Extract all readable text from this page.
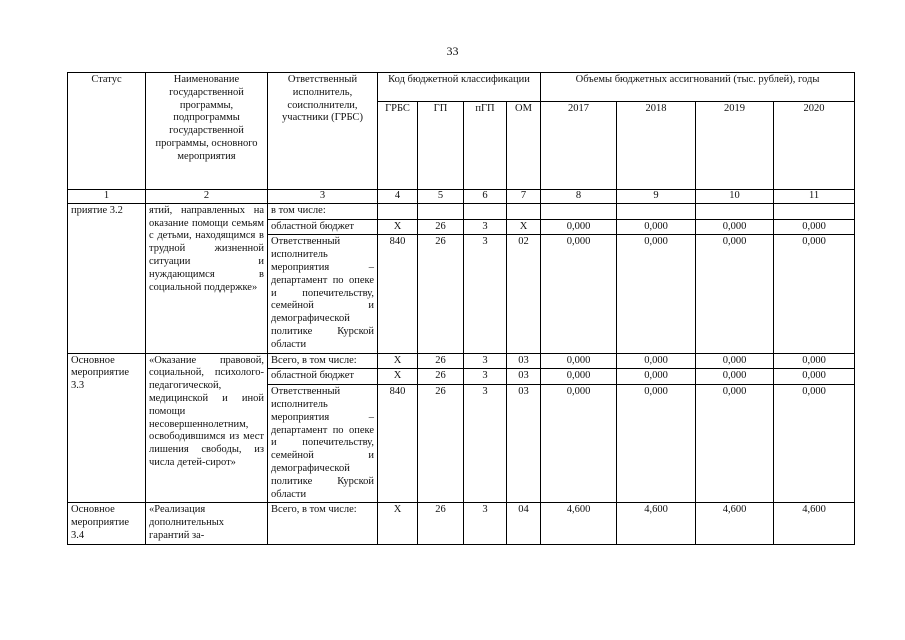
33
Статус	Наименование государственной программы, подпрограммы государственной программы, основного мероприятия	Ответственный исполнитель, соисполнители, участники (ГРБС)	Код бюджетной классификации				Объемы бюджетных ассигнований (тыс. рублей), годы			
			ГРБС	ГП	пГП	ОМ	2017	2018	2019	2020
1	2	3	4	5	6	7	8	9	10	11
приятие 3.2	ятий, направленных на оказание помощи семьям с детьми, находящимся в трудной жизненной ситуации и нуждающимся в социальной поддержке»	в том числе:								
		областной бюджет	Х	26	3	Х	0,000	0,000	0,000	0,000
		Ответственный исполнитель мероприятия – департамент по опеке и попечительству, семейной и демографической политике Курской области	840	26	3	02	0,000	0,000	0,000	0,000
Основное мероприятие 3.3	«Оказание правовой, социальной, психолого-педагогической, медицинской и иной помощи несовершеннолетним, освободившимся из мест лишения свободы, из числа детей-сирот»	Всего, в том числе:	Х	26	3	03	0,000	0,000	0,000	0,000
		областной бюджет	Х	26	3	03	0,000	0,000	0,000	0,000
		Ответственный исполнитель мероприятия – департамент по опеке и попечительству, семейной и демографической политике Курской области	840	26	3	03	0,000	0,000	0,000	0,000
Основное мероприятие 3.4	«Реализация дополнительных гарантий за-	Всего, в том числе:	Х	26	3	04	4,600	4,600	4,600	4,600
